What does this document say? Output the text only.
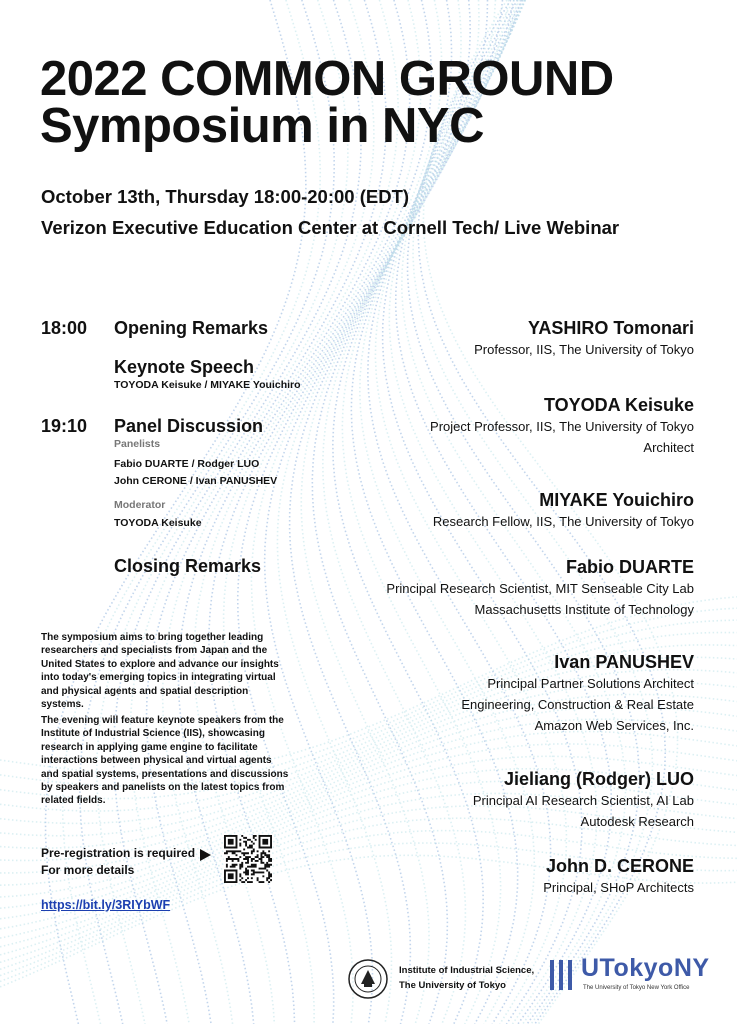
2022 COMMON GROUND
Symposium in NYC
October 13th, Thursday 18:00-20:00 (EDT)
Verizon Executive Education Center at Cornell Tech/ Live Webinar
18:00 Opening Remarks
Keynote Speech
TOYODA Keisuke / MIYAKE Youichiro
19:10 Panel Discussion
Panelists
Fabio DUARTE / Rodger LUO
John CERONE / Ivan PANUSHEV
Moderator
TOYODA Keisuke
Closing Remarks
The symposium aims to bring together leading researchers and specialists from Japan and the United States to explore and advance our insights into today's emerging topics in integrating virtual and physical agents and spatial description systems.
The evening will feature keynote speakers from the Institute of Industrial Science (IIS), showcasing research in applying game engine to facilitate interactions between physical and virtual agents and spatial systems, presentations and discussions by speakers and panelists on the latest topics from related fields.
Pre-registration is required
For more details
https://bit.ly/3RIYbWF
YASHIRO Tomonari
Professor, IIS, The University of Tokyo
TOYODA Keisuke
Project Professor, IIS, The University of Tokyo
Architect
MIYAKE Youichiro
Research Fellow, IIS, The University of Tokyo
Fabio DUARTE
Principal Research Scientist, MIT Senseable City Lab
Massachusetts Institute of Technology
Ivan PANUSHEV
Principal Partner Solutions Architect
Engineering, Construction & Real Estate
Amazon Web Services, Inc.
Jieliang (Rodger) LUO
Principal AI Research Scientist, AI Lab
Autodesk Research
John D. CERONE
Principal, SHoP Architects
Institute of Industrial Science,
The University of Tokyo
UTokyoNY
The University of Tokyo New York Office
